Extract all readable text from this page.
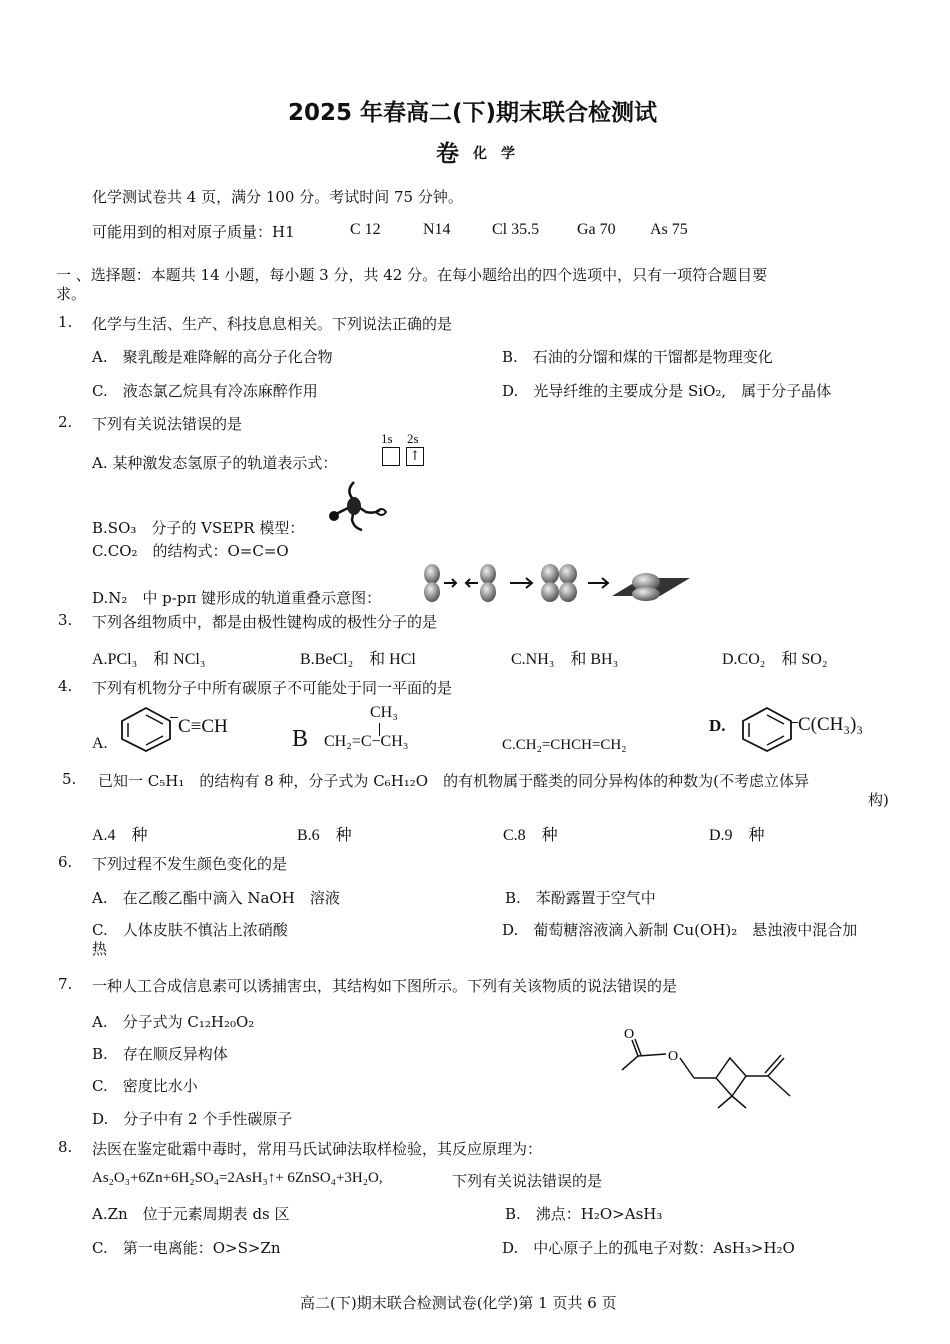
2025 年春高二(下)期末联合检测试
卷 化　学
化学测试卷共 4 页，满分 100 分。考试时间 75 分钟。
可能用到的相对原子质量：H1	C 12	N14	Cl 35.5 Ga 70 As 75
一 、选择题：本题共 14 小题，每小题 3 分，共 42 分。在每小题给出的四个选项中，只有一项符合题目要
求。
1. 化学与生活、生产、科技息息相关。下列说法正确的是
A.　聚乳酸是难降解的高分子化合物	B.　石油的分馏和煤的干馏都是物理变化
C.　液态氯乙烷具有冷冻麻醉作用	D.　光导纤维的主要成分是 SiO₂,　属于分子晶体
2. 下列有关说法错误的是
A. 某种激发态氢原子的轨道表示式：
1s 2s
↑
B.SO₃　分子的 VSEPR 模型：
C.CO₂　的结构式：O=C=O
D.N₂　中 p-pπ 键形成的轨道重叠示意图：
3. 下列各组物质中，都是由极性键构成的极性分子的是
A.PCl₃　和 NCl₃	B.BeCl₂　和 HCl	C.NH₃　和 BH₃	D.CO₂　和 SO₂
4. 下列有机物分子中所有碳原子不可能处于同一平面的是
A.
C≡CH	B
CH₃
CH₂=C−CH₃	C.CH₂=CHCH=CH₂
D.	C(CH₃)₃
5. 已知一 C₅H₁　的结构有 8 种，分子式为 C₆H₁₂O　的有机物属于醛类的同分异构体的种数为(不考虑立体异
构)
A.4　种	B.6　种	C.8　种	D.9　种
6. 下列过程不发生颜色变化的是
A.　在乙酸乙酯中滴入 NaOH　溶液	B.　苯酚露置于空气中
C.　人体皮肤不慎沾上浓硝酸	D.　葡萄糖溶液滴入新制 Cu(OH)₂　悬浊液中混合加
热
7. 一种人工合成信息素可以诱捕害虫，其结构如下图所示。下列有关该物质的说法错误的是
A.　分子式为 C₁₂H₂₀O₂
B.　存在顺反异构体
C.　密度比水小
D.　分子中有 2 个手性碳原子
O
O
8. 法医在鉴定砒霜中毒时，常用马氏试砷法取样检验，其反应原理为：
As₂O₃+6Zn+6H₂SO₄=2AsH₃↑+ 6ZnSO₄+3H₂O,	下列有关说法错误的是
A.Zn　位于元素周期表 ds 区	B.　沸点：H₂O>AsH₃
C.　第一电离能：O>S>Zn	D.　中心原子上的孤电子对数：AsH₃>H₂O
高二(下)期末联合检测试卷(化学)第 1 页共 6 页
